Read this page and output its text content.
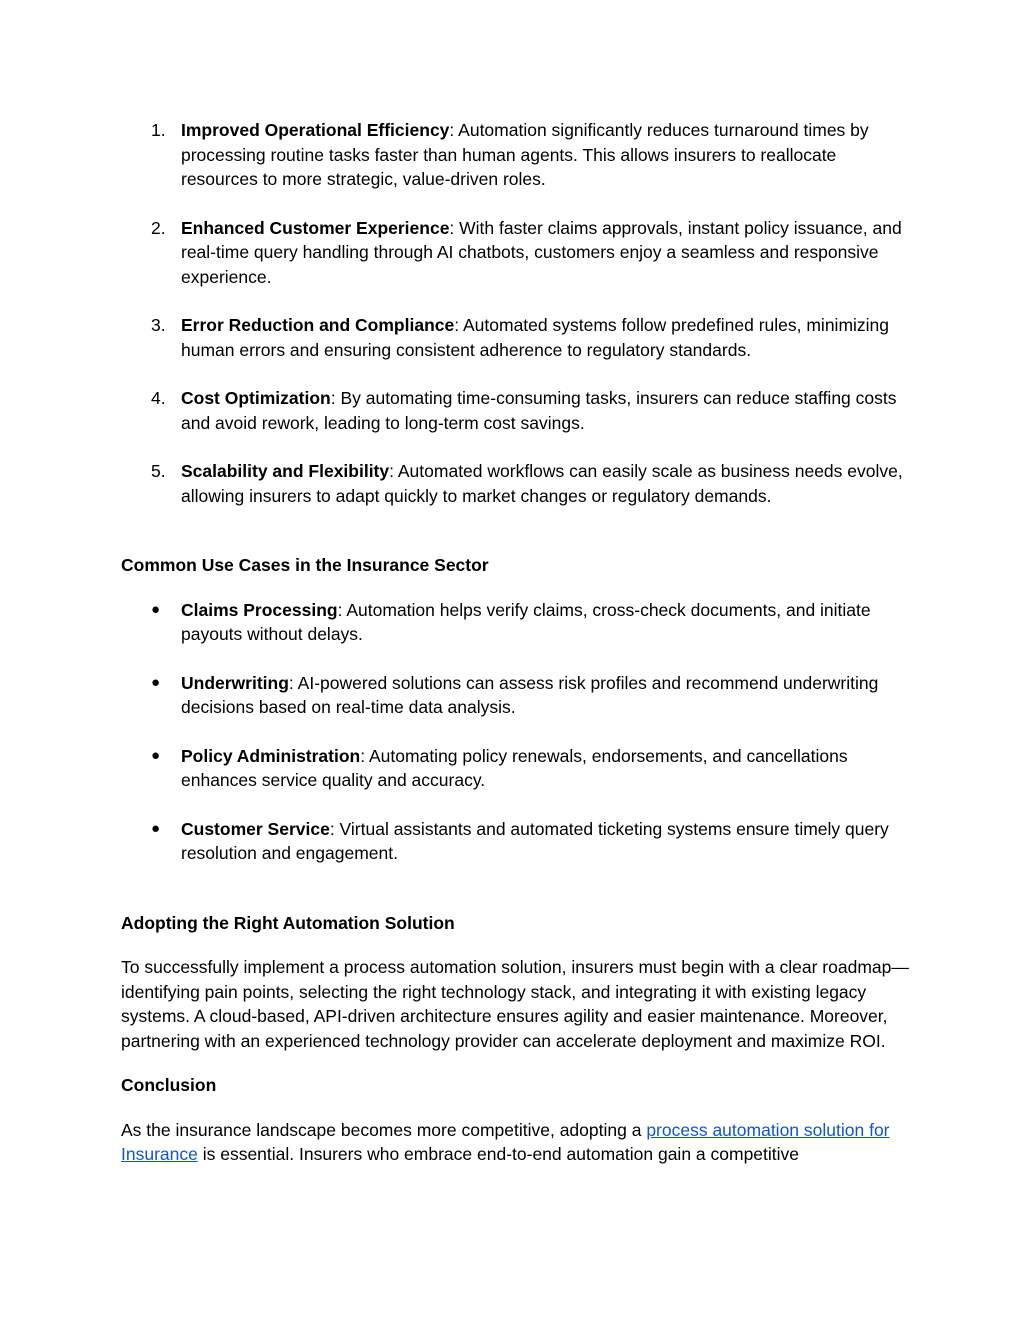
1. Improved Operational Efficiency: Automation significantly reduces turnaround times by processing routine tasks faster than human agents. This allows insurers to reallocate resources to more strategic, value-driven roles.
2. Enhanced Customer Experience: With faster claims approvals, instant policy issuance, and real-time query handling through AI chatbots, customers enjoy a seamless and responsive experience.
3. Error Reduction and Compliance: Automated systems follow predefined rules, minimizing human errors and ensuring consistent adherence to regulatory standards.
4. Cost Optimization: By automating time-consuming tasks, insurers can reduce staffing costs and avoid rework, leading to long-term cost savings.
5. Scalability and Flexibility: Automated workflows can easily scale as business needs evolve, allowing insurers to adapt quickly to market changes or regulatory demands.
Common Use Cases in the Insurance Sector
● Claims Processing: Automation helps verify claims, cross-check documents, and initiate payouts without delays.
● Underwriting: AI-powered solutions can assess risk profiles and recommend underwriting decisions based on real-time data analysis.
● Policy Administration: Automating policy renewals, endorsements, and cancellations enhances service quality and accuracy.
● Customer Service: Virtual assistants and automated ticketing systems ensure timely query resolution and engagement.
Adopting the Right Automation Solution

To successfully implement a process automation solution, insurers must begin with a clear roadmap—identifying pain points, selecting the right technology stack, and integrating it with existing legacy systems. A cloud-based, API-driven architecture ensures agility and easier maintenance. Moreover, partnering with an experienced technology provider can accelerate deployment and maximize ROI.

Conclusion

As the insurance landscape becomes more competitive, adopting a process automation solution for Insurance is essential. Insurers who embrace end-to-end automation gain a competitive
